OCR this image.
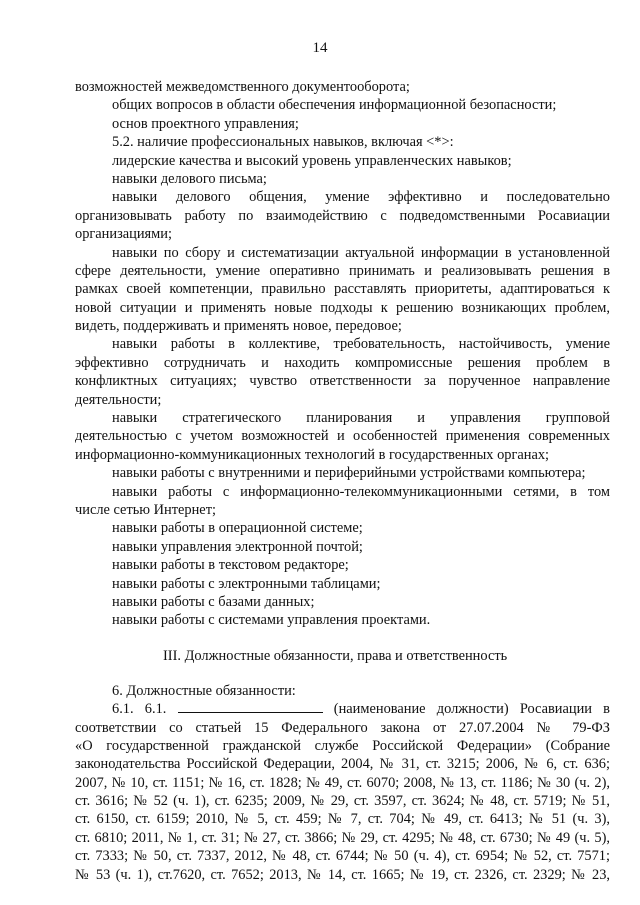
14
возможностей межведомственного документооборота;
общих вопросов в области обеспечения информационной безопасности;
основ проектного управления;
5.2. наличие профессиональных навыков, включая <*>:
лидерские качества и высокий уровень управленческих навыков;
навыки делового письма;
навыки делового общения, умение эффективно и последовательно
организовывать работу по взаимодействию с подведомственными Росавиации
организациями;
навыки по сбору и систематизации актуальной информации в установленной
сфере деятельности, умение оперативно принимать и реализовывать решения в
рамках своей компетенции, правильно расставлять приоритеты, адаптироваться к
новой ситуации и применять новые подходы к решению возникающих проблем,
видеть, поддерживать и применять новое, передовое;
навыки работы в коллективе, требовательность, настойчивость, умение
эффективно сотрудничать и находить компромиссные решения проблем в
конфликтных ситуациях; чувство ответственности за порученное направление
деятельности;
навыки стратегического планирования и управления групповой
деятельностью с учетом возможностей и особенностей применения современных
информационно-коммуникационных технологий в государственных органах;
навыки работы с внутренними и периферийными устройствами компьютера;
навыки работы с информационно-телекоммуникационными сетями, в том
числе сетью Интернет;
навыки работы в операционной системе;
навыки управления электронной почтой;
навыки работы в текстовом редакторе;
навыки работы с электронными таблицами;
навыки работы с базами данных;
навыки работы с системами управления проектами.
III. Должностные обязанности, права и ответственность
6. Должностные обязанности:
6.1. 6.1.	(наименование должности) Росавиации в
соответствии со статьей 15 Федерального закона от 27.07.2004 № 79-ФЗ
«О государственной гражданской службе Российской Федерации» (Собрание
законодательства Российской Федерации, 2004, № 31, ст. 3215; 2006, № 6, ст. 636;
2007, № 10, ст. 1151; № 16, ст. 1828; № 49, ст. 6070; 2008, № 13, ст. 1186; № 30 (ч. 2),
ст. 3616; № 52 (ч. 1), ст. 6235; 2009, № 29, ст. 3597, ст. 3624; № 48, ст. 5719; № 51,
ст. 6150, ст. 6159; 2010, № 5, ст. 459; № 7, ст. 704; № 49, ст. 6413; № 51 (ч. 3),
ст. 6810; 2011, № 1, ст. 31; № 27, ст. 3866; № 29, ст. 4295; № 48, ст. 6730; № 49 (ч. 5),
ст. 7333; № 50, ст. 7337, 2012, № 48, ст. 6744; № 50 (ч. 4), ст. 6954; № 52, ст. 7571;
№ 53 (ч. 1), ст.7620, ст. 7652; 2013, № 14, ст. 1665; № 19, ст. 2326, ст. 2329; № 23,
